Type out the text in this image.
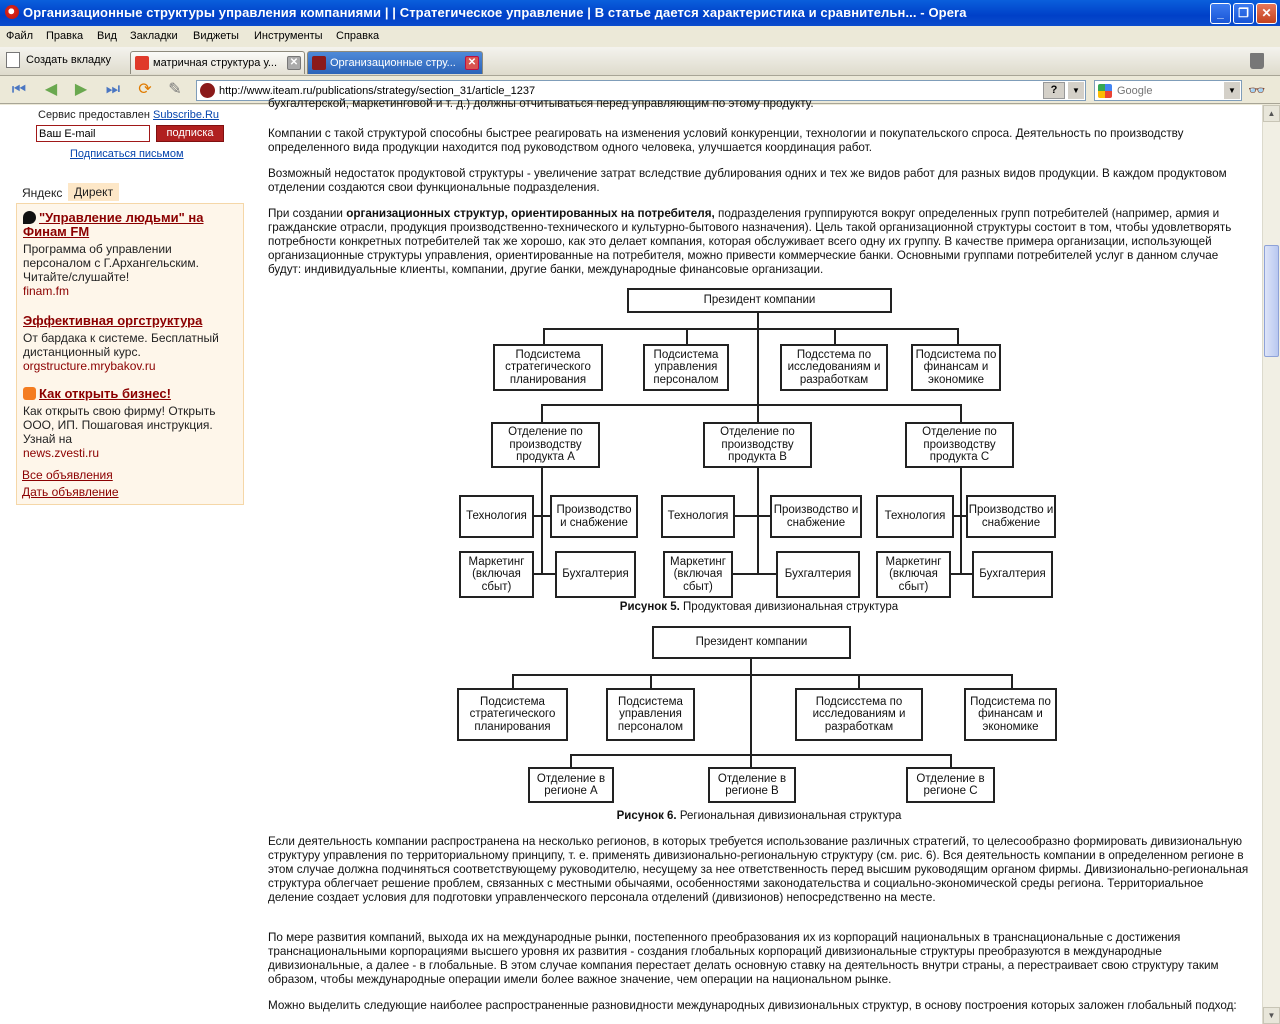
Организационные структуры управления компаниями | | Стратегическое управление | В статье дается характеристика и сравнительн... - Opera	_	❐	✕
Файл Правка Вид Закладки Виджеты Инструменты Справка
Создать вкладку	матричная структура у... ✕	Организационные стру... ✕
⏮	◀	▶	⏭ ⟳ ✎
http://www.iteam.ru/publications/strategy/section_31/article_1237	?	▼
Google	▼ 👓
Сервис предоставлен Subscribe.Ru
Ваш E-mail
подписка
Подписаться письмом
Яндекс Директ
"Управление людьми" на Финам FM
Программа об управлении персоналом с Г.Архангельским. Читайте/слушайте!
finam.fm
Эффективная оргструктура
От бардака к системе. Бесплатный дистанционный курс.
orgstructure.mrybakov.ru
Как открыть бизнес!
Как открыть свою фирму! Открыть ООО, ИП. Пошаговая инструкция. Узнай на
news.zvesti.ru
Все объявления
Дать объявление

бухгалтерской, маркетинговой и т. д.) должны отчитываться перед управляющим по этому продукту.

Компании с такой структурой способны быстрее реагировать на изменения условий конкуренции, технологии и покупательского спроса. Деятельность по производству определенного вида продукции находится под руководством одного человека, улучшается координация работ.

Возможный недостаток продуктовой структуры - увеличение затрат вследствие дублирования одних и тех же видов работ для разных видов продукции. В каждом продуктовом отделении создаются свои функциональные подразделения.

При создании организационных структур, ориентированных на потребителя, подразделения группируются вокруг определенных групп потребителей (например, армия и гражданские отрасли, продукция производственно-технического и культурно-бытового назначения). Цель такой организационной структуры состоит в том, чтобы удовлетворять потребности конкретных потребителей так же хорошо, как это делает компания, которая обслуживает всего одну их группу. В качестве примера организации, использующей организационные структуры управления, ориентированные на потребителя, можно привести коммерческие банки. Основными группами потребителей услуг в данном случае будут: индивидуальные клиенты, компании, другие банки, международные финансовые организации.

Президент компании
Подсистема стратегического планирования
Подсистема управления персоналом
Подсстема по исследованиям и разработкам
Подсистема по финансам и экономике
Отделение по производству продукта А
Отделение по производству продукта В
Отделение по производству продукта С
Технология
Производство и снабжение
Маркетинг (включая сбыт)
Бухгалтерия
Технология
Производство и снабжение
Маркетинг (включая сбыт)
Бухгалтерия
Технология
Производство и снабжение
Маркетинг (включая сбыт)
Бухгалтерия
Рисунок 5. Продуктовая дивизиональная структура
Президент компании
Подсистема стратегического планирования
Подсистема управления персоналом
Подсисстема по исследованиям и разработкам
Подсистема по финансам и экономике
Отделение в регионе А
Отделение в регионе В
Отделение в регионе С
Рисунок 6. Региональная дивизиональная структура

Если деятельность компании распространена на несколько регионов, в которых требуется использование различных стратегий, то целесообразно формировать дивизиональную структуру управления по территориальному принципу, т. е. применять дивизионально-региональную структуру (см. рис. 6). Вся деятельность компании в определенном регионе в этом случае должна подчиняться соответствующему руководителю, несущему за нее ответственность перед высшим руководящим органом фирмы. Дивизионально-региональная структура облегчает решение проблем, связанных с местными обычаями, особенностями законодательства и социально-экономической среды региона. Территориальное деление создает условия для подготовки управленческого персонала отделений (дивизионов) непосредственно на месте.

По мере развития компаний, выхода их на международные рынки, постепенного преобразования их из корпораций национальных в транснациональные с достижения транснациональными корпорациями высшего уровня их развития - создания глобальных корпораций дивизиональные структуры преобразуются в международные дивизиональные, а далее - в глобальные. В этом случае компания перестает делать основную ставку на деятельность внутри страны, а перестраивает свою структуру таким образом, чтобы международные операции имели более важное значение, чем операции на национальном рынке.

Можно выделить следующие наиболее распространенные разновидности международных дивизиональных структур, в основу построения которых заложен глобальный подход:

▲
▼
